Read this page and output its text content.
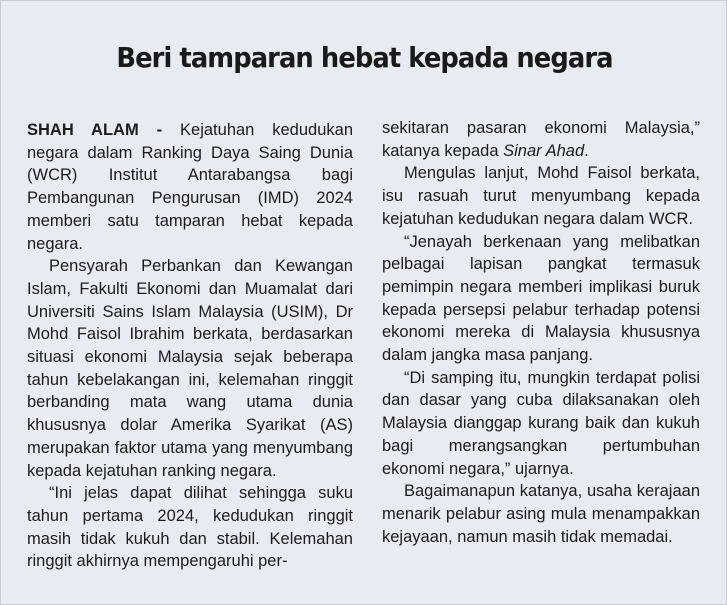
Beri tamparan hebat kepada negara

SHAH ALAM - Kejatuhan kedudukan negara dalam Ranking Daya Saing Dunia (WCR) Institut Antarabangsa bagi Pembangunan Pengurusan (IMD) 2024 memberi satu tamparan hebat kepada negara.

Pensyarah Perbankan dan Kewangan Islam, Fakulti Ekonomi dan Muamalat dari Universiti Sains Islam Malaysia (USIM), Dr Mohd Faisol Ibrahim berkata, berdasarkan situasi ekonomi Malaysia sejak beberapa tahun kebelakangan ini, kelemahan ringgit berbanding mata wang utama dunia khususnya dolar Amerika Syarikat (AS) merupakan faktor utama yang menyumbang kepada kejatuhan ranking negara.

“Ini jelas dapat dilihat sehingga suku tahun pertama 2024, kedudukan ringgit masih tidak kukuh dan stabil. Kelemahan ringgit akhirnya mempengaruhi per-

sekitaran pasaran ekonomi Malaysia,” katanya kepada Sinar Ahad.

Mengulas lanjut, Mohd Faisol berkata, isu rasuah turut menyumbang kepada kejatuhan kedudukan negara dalam WCR.

“Jenayah berkenaan yang melibatkan pelbagai lapisan pangkat termasuk pemimpin negara memberi implikasi buruk kepada persepsi pelabur terhadap potensi ekonomi mereka di Malaysia khususnya dalam jangka masa panjang.

“Di samping itu, mungkin terdapat polisi dan dasar yang cuba dilaksanakan oleh Malaysia dianggap kurang baik dan kukuh bagi merangsangkan pertumbuhan ekonomi negara,” ujarnya.

Bagaimanapun katanya, usaha kerajaan menarik pelabur asing mula menampakkan kejayaan, namun masih tidak memadai.
